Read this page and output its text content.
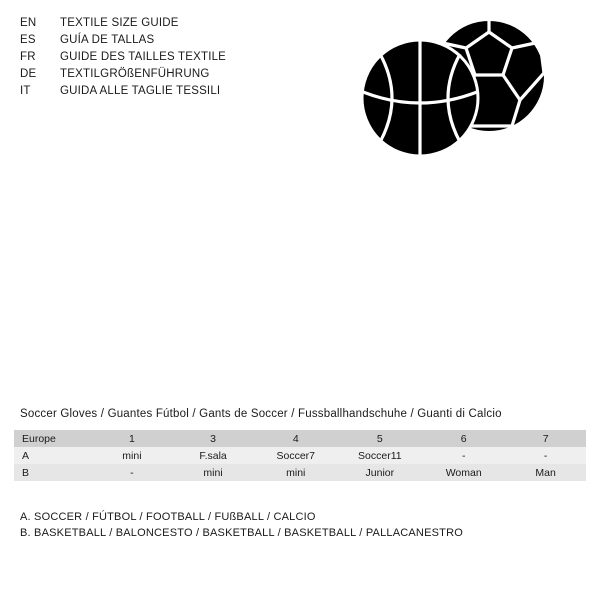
EN	TEXTILE SIZE GUIDE
ES	GUÍA DE TALLAS
FR	GUIDE DES TAILLES TEXTILE
DE	TEXTILGRÖßENFÜHRUNG
IT	GUIDA ALLE TAGLIE TESSILI
Soccer Gloves / Guantes Fútbol / Gants de Soccer / Fussballhandschuhe / Guanti di Calcio
Europe	1	3	4	5	6	7
A	mini	F.sala	Soccer7	Soccer11	-	-
B	-	mini	mini	Junior	Woman	Man
A. SOCCER / FÚTBOL / FOOTBALL / FUßBALL / CALCIO
B. BASKETBALL / BALONCESTO / BASKETBALL / BASKETBALL / PALLACANESTRO
